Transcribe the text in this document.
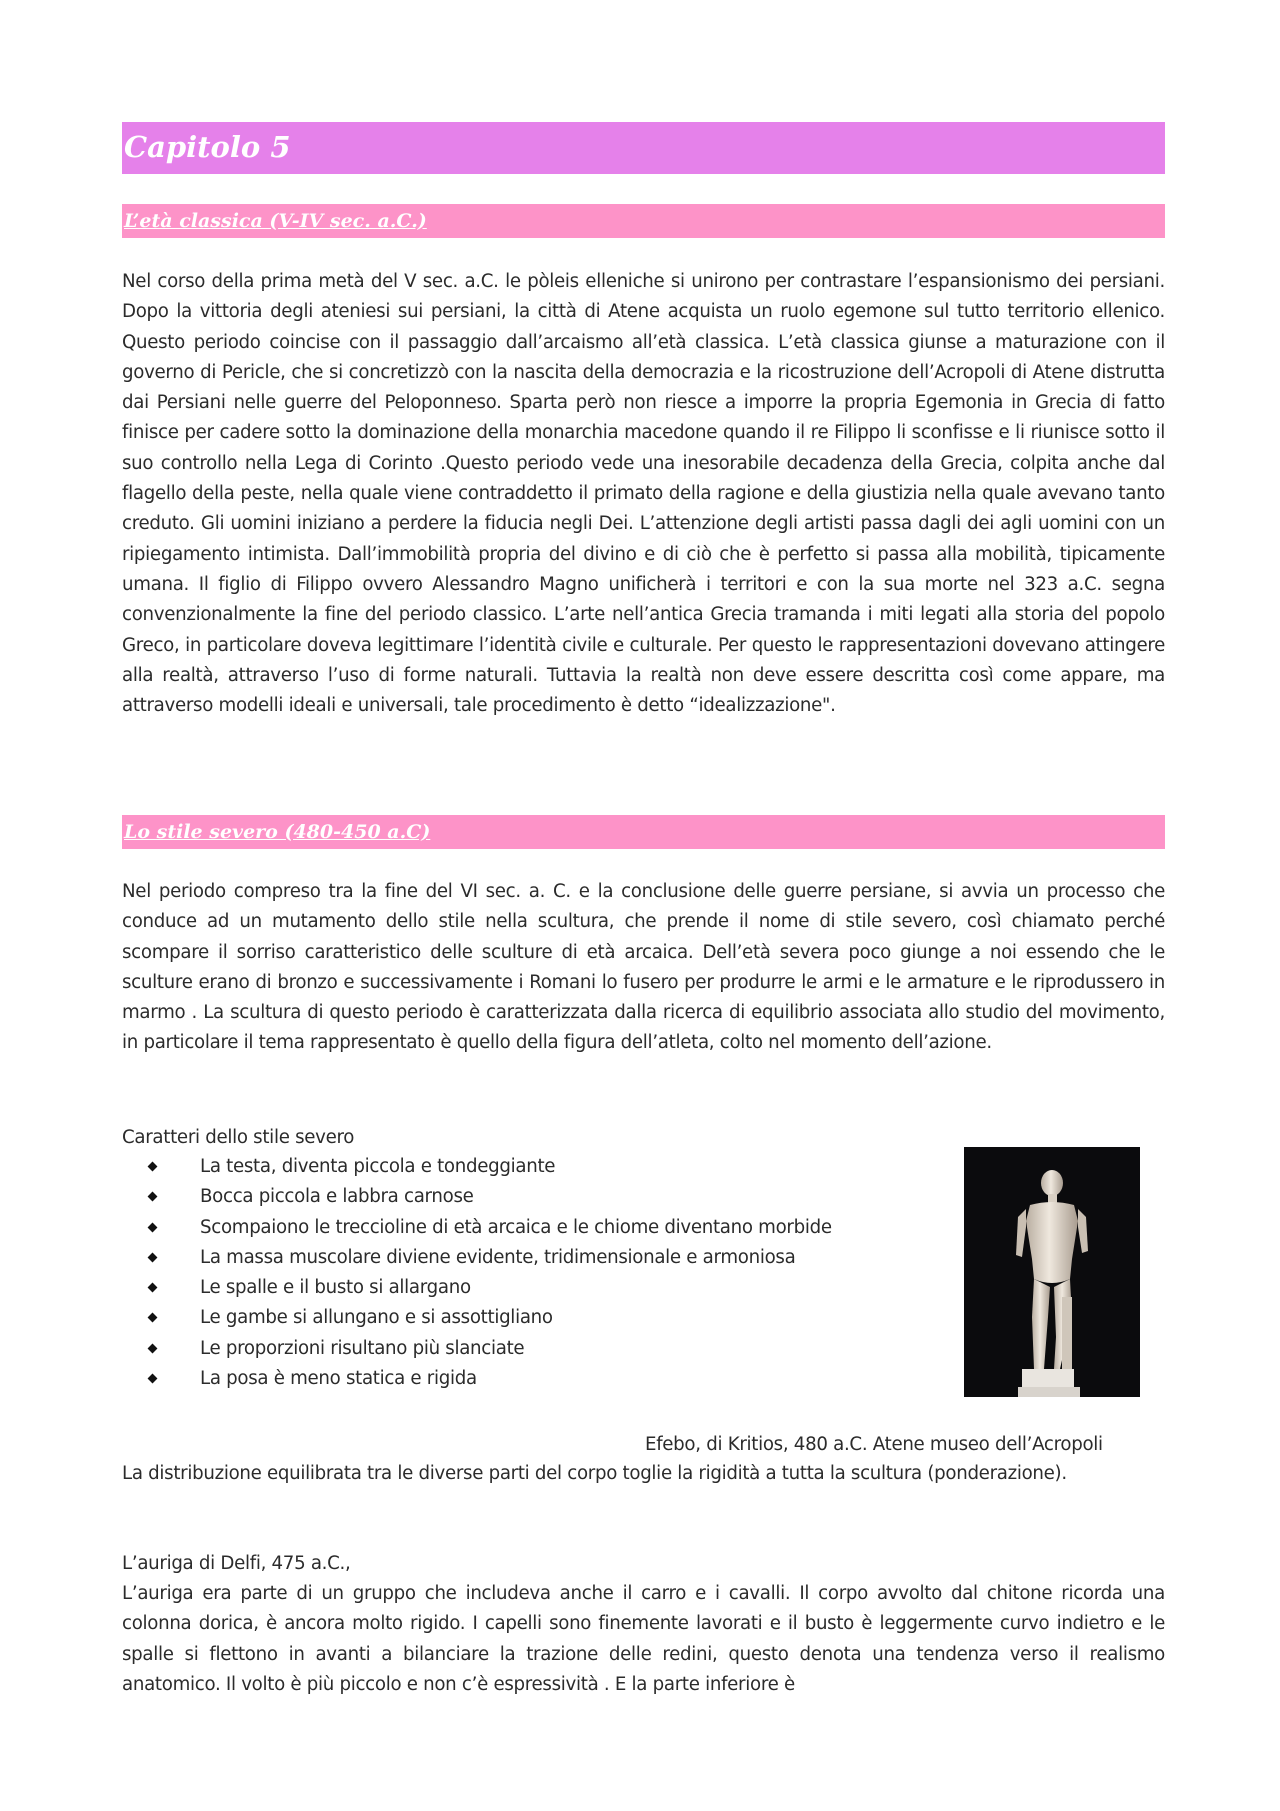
Capitolo 5
L’età classica (V-IV sec. a.C.)

Nel corso della prima metà del V sec. a.C. le pòleis elleniche si unirono per contrastare l’espansionismo dei persiani. Dopo la vittoria degli ateniesi sui persiani, la città di Atene acquista un ruolo egemone sul tutto territorio ellenico. Questo periodo coincise con il passaggio dall’arcaismo all’età classica. L’età classica giunse a maturazione con il governo di Pericle, che si concretizzò con la nascita della democrazia e la ricostruzione dell’Acropoli di Atene distrutta dai Persiani nelle guerre del Peloponneso. Sparta però non riesce a imporre la propria Egemonia in Grecia di fatto finisce per cadere sotto la dominazione della monarchia macedone quando il re Filippo li sconfisse e li riunisce sotto il suo controllo nella Lega di Corinto .Questo periodo vede una inesorabile decadenza della Grecia, colpita anche dal flagello della peste, nella quale viene contraddetto il primato della ragione e della giustizia nella quale avevano tanto creduto. Gli uomini iniziano a perdere la fiducia negli Dei. L’attenzione degli artisti passa dagli dei agli uomini con un ripiegamento intimista. Dall’immobilità propria del divino e di ciò che è perfetto si passa alla mobilità, tipicamente umana. Il figlio di Filippo ovvero Alessandro Magno unificherà i territori e con la sua morte nel 323 a.C. segna convenzionalmente la fine del periodo classico. L’arte nell’antica Grecia tramanda i miti legati alla storia del popolo Greco, in particolare doveva legittimare l’identità civile e culturale. Per questo le rappresentazioni dovevano attingere alla realtà, attraverso l’uso di forme naturali. Tuttavia la realtà non deve essere descritta così come appare, ma attraverso modelli ideali e universali, tale procedimento è detto “idealizzazione".

Lo stile severo (480-450 a.C)

Nel periodo compreso tra la fine del VI sec. a. C. e la conclusione delle guerre persiane, si avvia un processo che conduce ad un mutamento dello stile nella scultura, che prende il nome di stile severo, così chiamato perché scompare il sorriso caratteristico delle sculture di età arcaica. Dell’età severa poco giunge a noi essendo che le sculture erano di bronzo e successivamente i Romani lo fusero per produrre le armi e le armature e le riprodussero in marmo . La scultura di questo periodo è caratterizzata dalla ricerca di equilibrio associata allo studio del movimento, in particolare il tema rappresentato è quello della figura dell’atleta, colto nel momento dell’azione.

Caratteri dello stile severo

La testa, diventa piccola e tondeggiante
Bocca piccola e labbra carnose
Scompaiono le treccioline di età arcaica e le chiome diventano morbide
La massa muscolare diviene evidente, tridimensionale e armoniosa
Le spalle e il busto si allargano
Le gambe si allungano e si assottigliano
Le proporzioni risultano più slanciate
La posa è meno statica e rigida
Efebo, di Kritios, 480 a.C. Atene museo dell’Acropoli

La distribuzione equilibrata tra le diverse parti del corpo toglie la rigidità a tutta la scultura (ponderazione).

L’auriga di Delfi, 475 a.C.,

L’auriga era parte di un gruppo che includeva anche il carro e i cavalli. Il corpo avvolto dal chitone ricorda una colonna dorica, è ancora molto rigido. I capelli sono finemente lavorati e il busto è leggermente curvo indietro e le spalle si flettono in avanti a bilanciare la trazione delle redini, questo denota una tendenza verso il realismo anatomico. Il volto è più piccolo e non c’è espressività . E la parte inferiore è
